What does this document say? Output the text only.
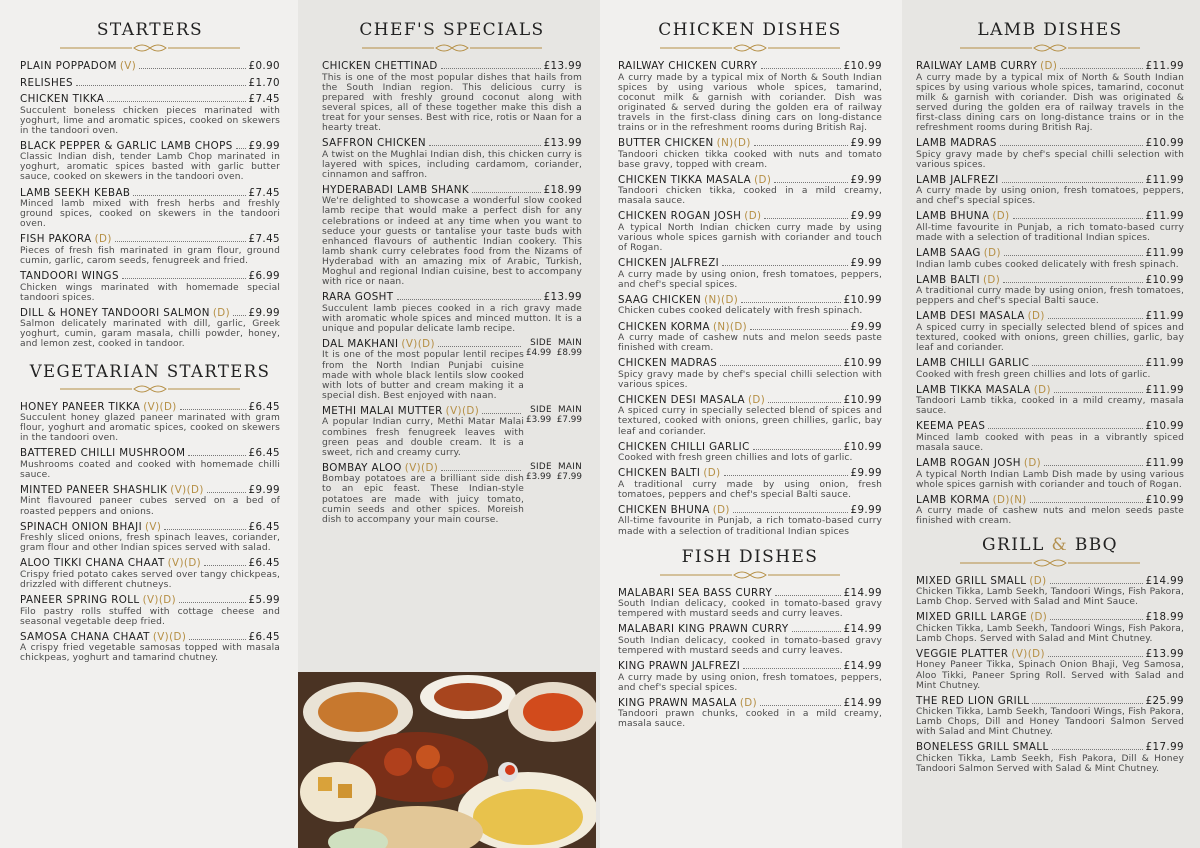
STARTERS
PLAIN POPPADOM (V)	£0.90
RELISHES	£1.70
CHICKEN TIKKA	£7.45
Succulent boneless chicken pieces marinated with yoghurt, lime and aromatic spices, cooked on skewers in the tandoori oven.
BLACK PEPPER & GARLIC LAMB CHOPS £9.99
Classic Indian dish, tender Lamb Chop marinated in yoghurt, aromatic spices basted with garlic butter sauce, cooked on skewers in the tandoori oven.
LAMB SEEKH KEBAB	£7.45
Minced lamb mixed with fresh herbs and freshly ground spices, cooked on skewers in the tandoori oven.
FISH PAKORA (D)	£7.45
Pieces of fresh fish marinated in gram flour, ground cumin, garlic, carom seeds, fenugreek and fried.
TANDOORI WINGS	£6.99
Chicken wings marinated with homemade special tandoori spices.
DILL & HONEY TANDOORI SALMON (D) £9.99
Salmon delicately marinated with dill, garlic, Greek yoghurt, cumin, garam masala, chilli powder, honey, and lemon zest, cooked in tandoor.
VEGETARIAN STARTERS
HONEY PANEER TIKKA (V)(D)	£6.45
Succulent honey glazed paneer marinated with gram flour, yoghurt and aromatic spices, cooked on skewers in the tandoori oven.
BATTERED CHILLI MUSHROOM	£6.45
Mushrooms coated and cooked with homemade chilli sauce.
MINTED PANEER SHASHLIK (V)(D)	£9.99
Mint flavoured paneer cubes served on a bed of roasted peppers and onions.
SPINACH ONION BHAJI (V)	£6.45
Freshly sliced onions, fresh spinach leaves, coriander, gram flour and other Indian spices served with salad.
ALOO TIKKI CHANA CHAAT (V)(D)	£6.45
Crispy fried potato cakes served over tangy chickpeas, drizzled with different chutneys.
PANEER SPRING ROLL (V)(D)	£5.99
Filo pastry rolls stuffed with cottage cheese and seasonal vegetable deep fried.
SAMOSA CHANA CHAAT (V)(D)	£6.45
A crispy fried vegetable samosas topped with masala chickpeas, yoghurt and tamarind chutney.
CHEF'S SPECIALS
CHICKEN CHETTINAD	£13.99
This is one of the most popular dishes that hails from the South Indian region. This delicious curry is prepared with freshly ground coconut along with several spices, all of these together make this dish a treat for your senses. Best with rice, rotis or Naan for a hearty treat.
SAFFRON CHICKEN	£13.99
A twist on the Mughlai Indian dish, this chicken curry is layered with spices, including cardamom, coriander, cinnamon and saffron.
HYDERABADI LAMB SHANK	£18.99
We're delighted to showcase a wonderful slow cooked lamb recipe that would make a perfect dish for any celebrations or indeed at any time when you want to seduce your guests or tantalise your taste buds with enhanced flavours of authentic Indian cookery. This lamb shank curry celebrates food from the Nizams of Hyderabad with an amazing mix of Arabic, Turkish, Moghul and regional Indian cuisine, best to accompany with rice or naan.
RARA GOSHT	£13.99
Succulent lamb pieces cooked in a rich gravy made with aromatic whole spices and minced mutton. It is a unique and popular delicate lamb recipe.
DAL MAKHANI (V)(D)	SIDE  MAIN
£4.99  £8.99
It is one of the most popular lentil recipes from the North Indian Punjabi cuisine made with whole black lentils slow cooked with lots of butter and cream making it a special dish. Best enjoyed with naan.
METHI MALAI MUTTER (V)(D)	SIDE  MAIN
£3.99  £7.99
A popular Indian curry, Methi Matar Malai combines fresh fenugreek leaves with green peas and double cream. It is a sweet, rich and creamy curry.
BOMBAY ALOO (V)(D)	SIDE  MAIN
£3.99  £7.99
Bombay potatoes are a brilliant side dish to an epic feast. These Indian-style potatoes are made with juicy tomato, cumin seeds and other spices. Moreish dish to accompany your main course.
CHICKEN DISHES
RAILWAY CHICKEN CURRY	£10.99
A curry made by a typical mix of North & South Indian spices by using various whole spices, tamarind, coconut milk & garnish with coriander. Dish was originated & served during the golden era of railway travels in the first-class dining cars on long-distance trains or in the refreshment rooms during British Raj.
BUTTER CHICKEN (N)(D)	£9.99
Tandoori chicken tikka cooked with nuts and tomato base gravy, topped with cream.
CHICKEN TIKKA MASALA (D)	£9.99
Tandoori chicken tikka, cooked in a mild creamy, masala sauce.
CHICKEN ROGAN JOSH (D)	£9.99
A typical North Indian chicken curry made by using various whole spices garnish with coriander and touch of Rogan.
CHICKEN JALFREZI	£9.99
A curry made by using onion, fresh tomatoes, peppers, and chef's special spices.
SAAG CHICKEN (N)(D)	£10.99
Chicken cubes cooked delicately with fresh spinach.
CHICKEN KORMA (N)(D)	£9.99
A curry made of cashew nuts and melon seeds paste finished with cream.
CHICKEN MADRAS	£10.99
Spicy gravy made by chef's special chilli selection with various spices.
CHICKEN DESI MASALA (D)	£10.99
A spiced curry in specially selected blend of spices and textured, cooked with onions, green chillies, garlic, bay leaf and coriander.
CHICKEN CHILLI GARLIC	£10.99
Cooked with fresh green chillies and lots of garlic.
CHICKEN BALTI (D)	£9.99
A traditional curry made by using onion, fresh tomatoes, peppers and chef's special Balti sauce.
CHICKEN BHUNA (D)	£9.99
All-time favourite in Punjab, a rich tomato-based curry made with a selection of traditional Indian spices
FISH DISHES
MALABARI SEA BASS CURRY	£14.99
South Indian delicacy, cooked in tomato-based gravy tempered with mustard seeds and curry leaves.
MALABARI KING PRAWN CURRY	£14.99
South Indian delicacy, cooked in tomato-based gravy tempered with mustard seeds and curry leaves.
KING PRAWN JALFREZI	£14.99
A curry made by using onion, fresh tomatoes, peppers, and chef's special spices.
KING PRAWN MASALA (D)	£14.99
Tandoori prawn chunks, cooked in a mild creamy, masala sauce.
LAMB DISHES
RAILWAY LAMB CURRY (D)	£11.99
A curry made by a typical mix of North & South Indian spices by using various whole spices, tamarind, coconut milk & garnish with coriander. Dish was originated & served during the golden era of railway travels in the first-class dining cars on long-distance trains or in the refreshment rooms during British Raj.
LAMB MADRAS	£10.99
Spicy gravy made by chef's special chilli selection with various spices.
LAMB JALFREZI	£11.99
A curry made by using onion, fresh tomatoes, peppers, and chef's special spices.
LAMB BHUNA (D)	£11.99
All-time favourite in Punjab, a rich tomato-based curry made with a selection of traditional Indian spices.
LAMB SAAG (D)	£11.99
Indian lamb cubes cooked delicately with fresh spinach.
LAMB BALTI (D)	£10.99
A traditional curry made by using onion, fresh tomatoes, peppers and chef's special Balti sauce.
LAMB DESI MASALA (D)	£11.99
A spiced curry in specially selected blend of spices and textured, cooked with onions, green chillies, garlic, bay leaf and coriander.
LAMB CHILLI GARLIC	£11.99
Cooked with fresh green chillies and lots of garlic.
LAMB TIKKA MASALA (D)	£11.99
Tandoori Lamb tikka, cooked in a mild creamy, masala sauce.
KEEMA PEAS	£10.99
Minced lamb cooked with peas in a vibrantly spiced masala sauce.
LAMB ROGAN JOSH (D)	£11.99
A typical North Indian Lamb Dish made by using various whole spices garnish with coriander and touch of Rogan.
LAMB KORMA (D)(N)	£10.99
A curry made of cashew nuts and melon seeds paste finished with cream.
GRILL & BBQ
MIXED GRILL SMALL (D)	£14.99
Chicken Tikka, Lamb Seekh, Tandoori Wings, Fish Pakora, Lamb Chop. Served with Salad and Mint Sauce.
MIXED GRILL LARGE (D)	£18.99
Chicken Tikka, Lamb Seekh, Tandoori Wings, Fish Pakora, Lamb Chops. Served with Salad and Mint Chutney.
VEGGIE PLATTER (V)(D)	£13.99
Honey Paneer Tikka, Spinach Onion Bhaji, Veg Samosa, Aloo Tikki, Paneer Spring Roll. Served with Salad and Mint Chutney.
THE RED LION GRILL	£25.99
Chicken Tikka, Lamb Seekh, Tandoori Wings, Fish Pakora, Lamb Chops, Dill and Honey Tandoori Salmon Served with Salad and Mint Chutney.
BONELESS GRILL SMALL	£17.99
Chicken Tikka, Lamb Seekh, Fish Pakora, Dill & Honey Tandoori Salmon Served with Salad & Mint Chutney.
